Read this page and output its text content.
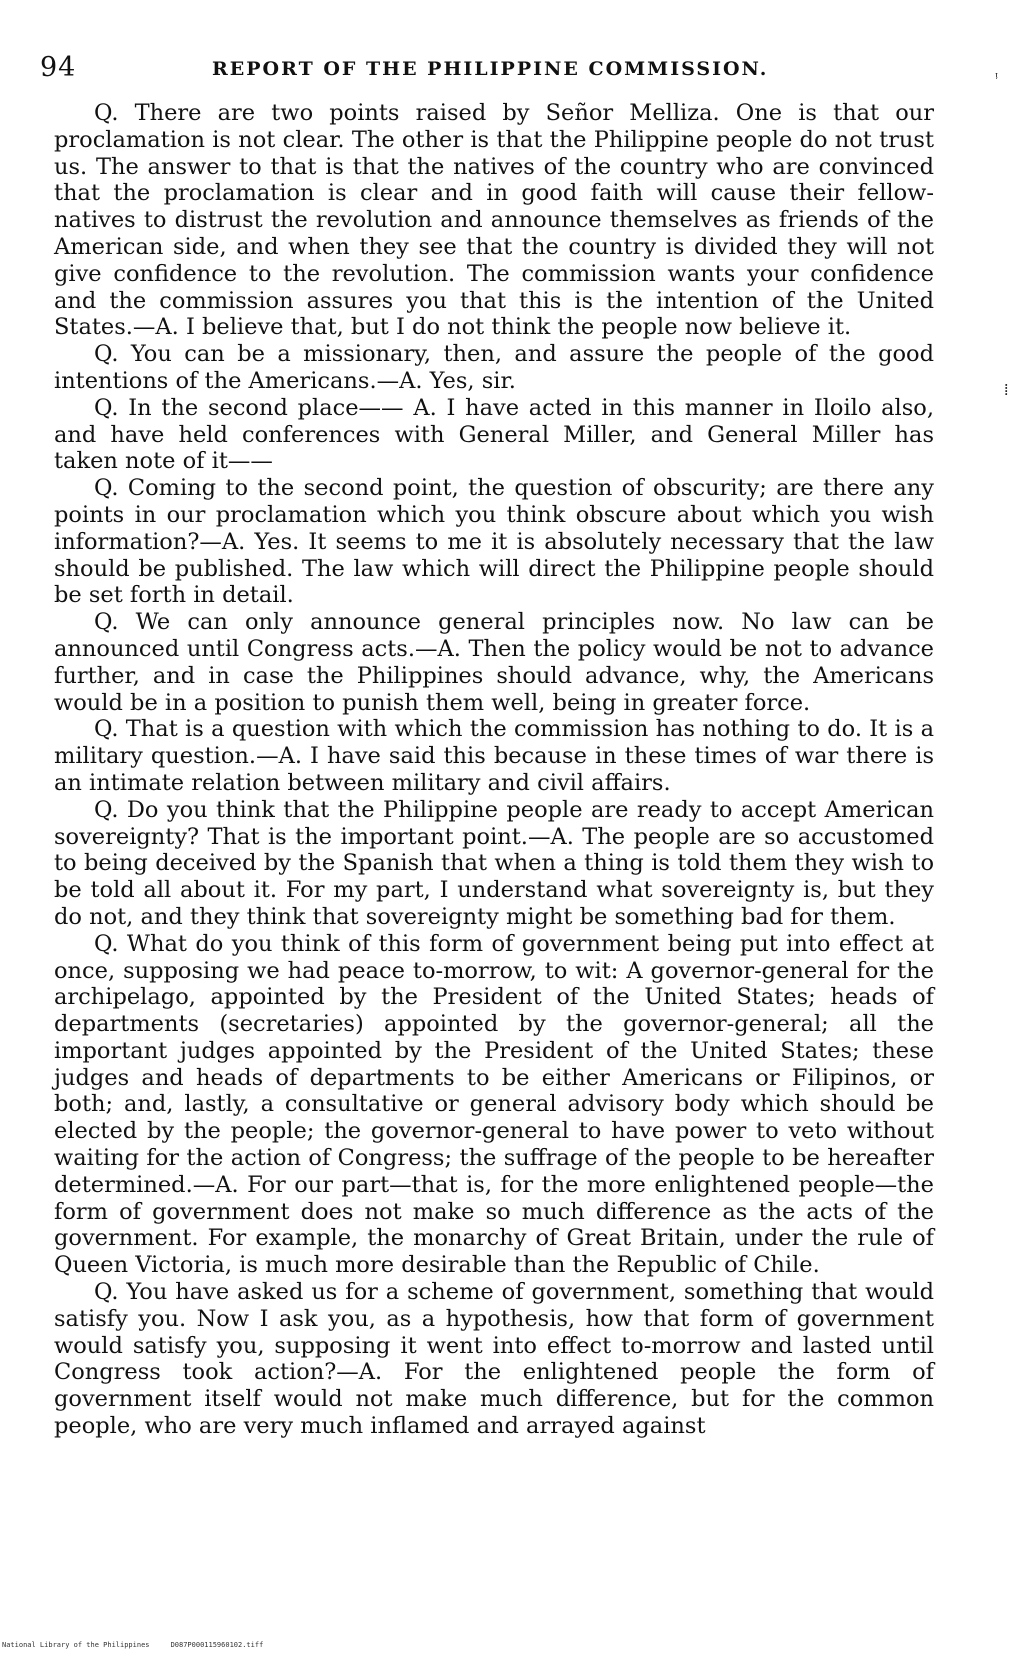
94	REPORT OF THE PHILIPPINE COMMISSION.	ᵎ
⁞

Q. There are two points raised by Señor Melliza. One is that our proclamation is not clear. The other is that the Philippine people do not trust us. The answer to that is that the natives of the country who are convinced that the proclamation is clear and in good faith will cause their fellow-natives to distrust the revolution and announce themselves as friends of the American side, and when they see that the country is divided they will not give confidence to the revolution. The commission wants your confidence and the commission assures you that this is the intention of the United States.—A. I believe that, but I do not think the people now believe it.

Q. You can be a missionary, then, and assure the people of the good intentions of the Americans.—A. Yes, sir.

Q. In the second place—— A. I have acted in this manner in Iloilo also, and have held conferences with General Miller, and General Miller has taken note of it——

Q. Coming to the second point, the question of obscurity; are there any points in our proclamation which you think obscure about which you wish information?—A. Yes. It seems to me it is absolutely necessary that the law should be published. The law which will direct the Philippine people should be set forth in detail.

Q. We can only announce general principles now. No law can be announced until Congress acts.—A. Then the policy would be not to advance further, and in case the Philippines should advance, why, the Americans would be in a position to punish them well, being in greater force.

Q. That is a question with which the commission has nothing to do. It is a military question.—A. I have said this because in these times of war there is an intimate relation between military and civil affairs.

Q. Do you think that the Philippine people are ready to accept American sovereignty? That is the important point.—A. The people are so accustomed to being deceived by the Spanish that when a thing is told them they wish to be told all about it. For my part, I understand what sovereignty is, but they do not, and they think that sovereignty might be something bad for them.

Q. What do you think of this form of government being put into effect at once, supposing we had peace to-morrow, to wit: A governor-general for the archipelago, appointed by the President of the United States; heads of departments (secretaries) appointed by the governor-general; all the important judges appointed by the President of the United States; these judges and heads of departments to be either Americans or Filipinos, or both; and, lastly, a consultative or general advisory body which should be elected by the people; the governor-general to have power to veto without waiting for the action of Congress; the suffrage of the people to be hereafter determined.—A. For our part—that is, for the more enlightened people—the form of government does not make so much difference as the acts of the government. For example, the monarchy of Great Britain, under the rule of Queen Victoria, is much more desirable than the Republic of Chile.

Q. You have asked us for a scheme of government, something that would satisfy you. Now I ask you, as a hypothesis, how that form of government would satisfy you, supposing it went into effect to-morrow and lasted until Congress took action?—A. For the enlightened people the form of government itself would not make much difference, but for the common people, who are very much inflamed and arrayed against

National Library of the Philippines     D087P000115960102.tiff
